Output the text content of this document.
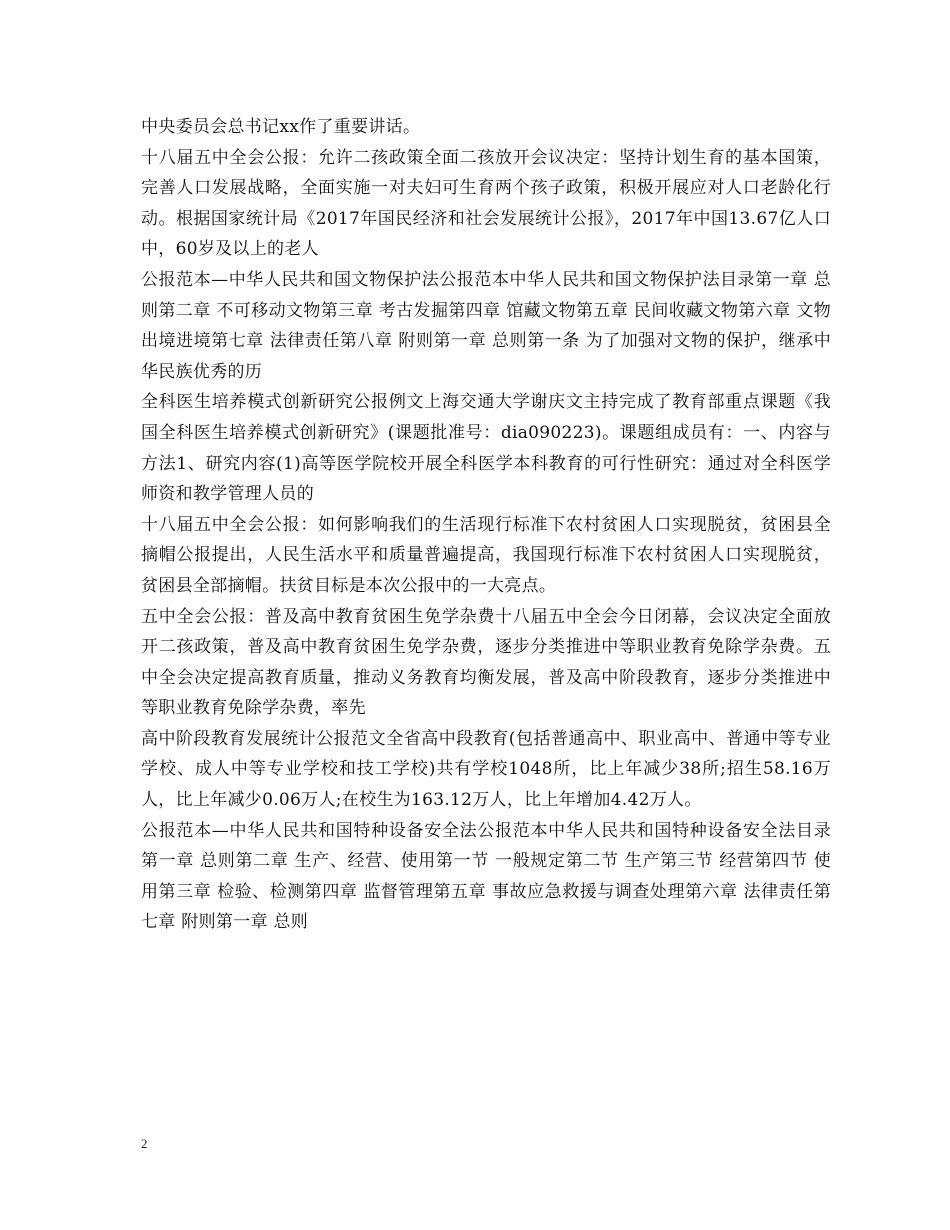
中央委员会总书记xx作了重要讲话。

十八届五中全会公报：允许二孩政策全面二孩放开会议决定：坚持计划生育的基本国策，完善人口发展战略，全面实施一对夫妇可生育两个孩子政策，积极开展应对人口老龄化行动。根据国家统计局《2017年国民经济和社会发展统计公报》，2017年中国13.67亿人口中，60岁及以上的老人

公报范本—中华人民共和国文物保护法公报范本中华人民共和国文物保护法目录第一章 总则第二章 不可移动文物第三章 考古发掘第四章 馆藏文物第五章 民间收藏文物第六章 文物出境进境第七章 法律责任第八章 附则第一章 总则第一条 为了加强对文物的保护，继承中华民族优秀的历

全科医生培养模式创新研究公报例文上海交通大学谢庆文主持完成了教育部重点课题《我国全科医生培养模式创新研究》(课题批准号：dia090223)。课题组成员有：一、内容与方法1、研究内容(1)高等医学院校开展全科医学本科教育的可行性研究：通过对全科医学师资和教学管理人员的

十八届五中全会公报：如何影响我们的生活现行标准下农村贫困人口实现脱贫，贫困县全摘帽公报提出，人民生活水平和质量普遍提高，我国现行标准下农村贫困人口实现脱贫，贫困县全部摘帽。扶贫目标是本次公报中的一大亮点。

五中全会公报：普及高中教育贫困生免学杂费十八届五中全会今日闭幕，会议决定全面放开二孩政策，普及高中教育贫困生免学杂费，逐步分类推进中等职业教育免除学杂费。五中全会决定提高教育质量，推动义务教育均衡发展，普及高中阶段教育，逐步分类推进中等职业教育免除学杂费，率先

高中阶段教育发展统计公报范文全省高中段教育(包括普通高中、职业高中、普通中等专业学校、成人中等专业学校和技工学校)共有学校1048所，比上年减少38所;招生58.16万人，比上年减少0.06万人;在校生为163.12万人，比上年增加4.42万人。

公报范本—中华人民共和国特种设备安全法公报范本中华人民共和国特种设备安全法目录第一章 总则第二章 生产、经营、使用第一节 一般规定第二节 生产第三节 经营第四节 使用第三章 检验、检测第四章 监督管理第五章 事故应急救援与调查处理第六章 法律责任第七章 附则第一章 总则

2
